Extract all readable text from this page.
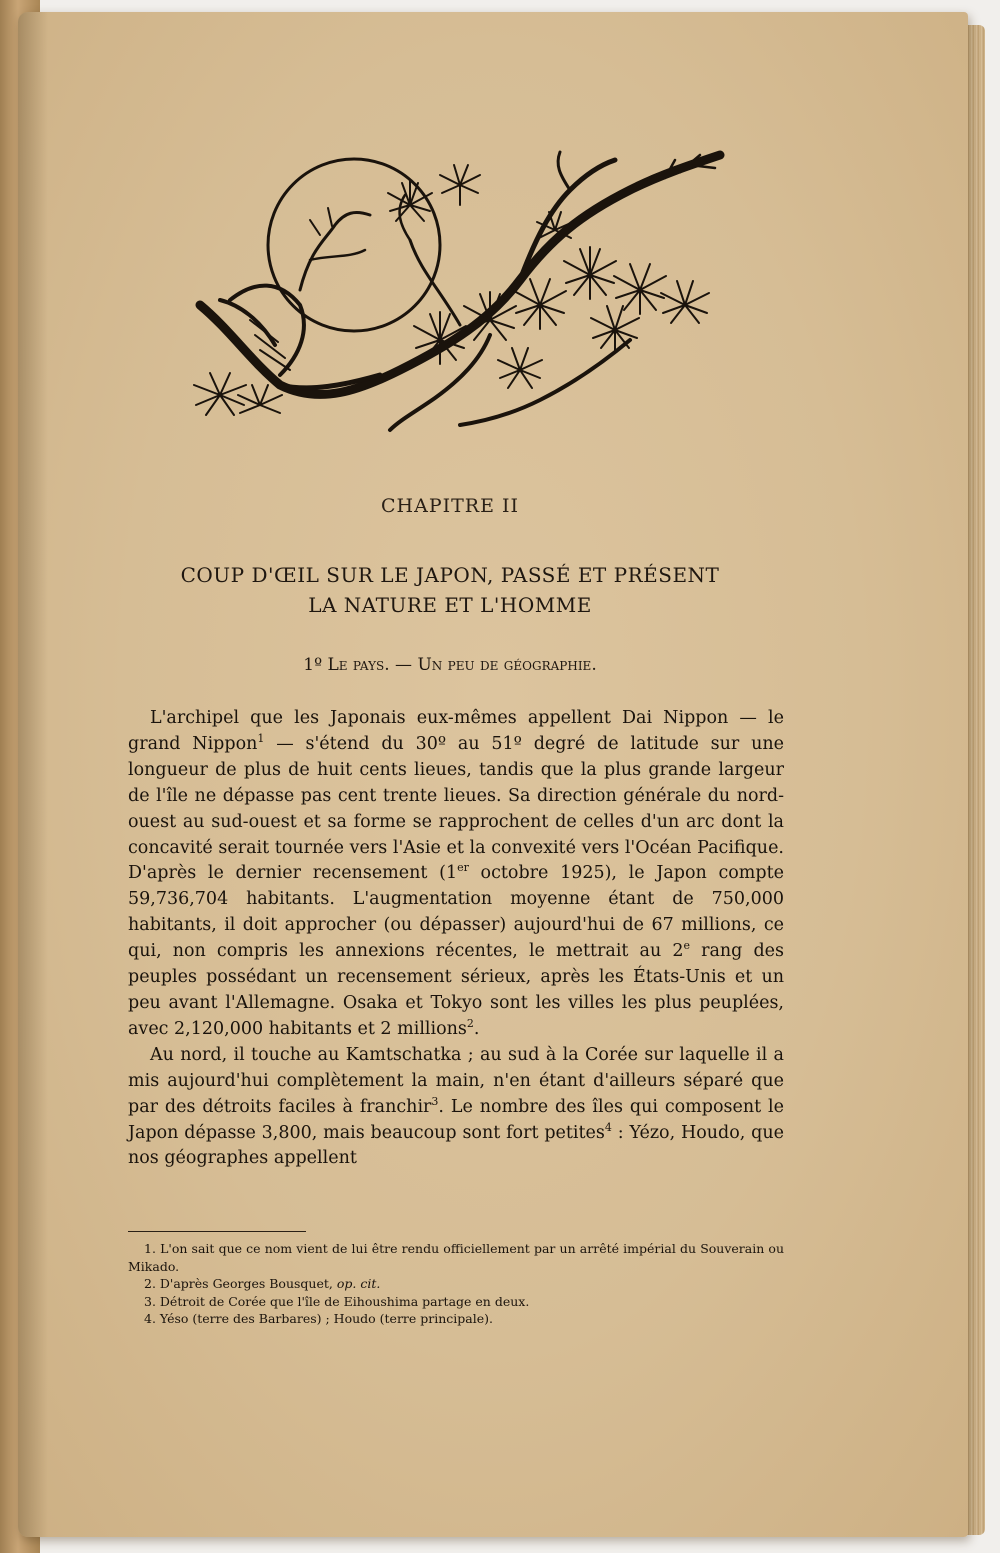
CHAPITRE II
COUP D'ŒIL SUR LE JAPON, PASSÉ ET PRÉSENT
LA NATURE ET L'HOMME
1º Le pays. — Un peu de géographie.

L'archipel que les Japonais eux-mêmes appellent Dai Nippon — le grand Nippon$^1$ — s'étend du 30º au 51º degré de latitude sur une longueur de plus de huit cents lieues, tandis que la plus grande largeur de l'île ne dépasse pas cent trente lieues. Sa direction générale du nord-ouest au sud-ouest et sa forme se rapprochent de celles d'un arc dont la concavité serait tournée vers l'Asie et la convexité vers l'Océan Pacifique. D'après le dernier recensement (1er octobre 1925), le Japon compte 59,736,704 habitants. L'augmentation moyenne étant de 750,000 habitants, il doit approcher (ou dépasser) aujourd'hui de 67 millions, ce qui, non compris les annexions récentes, le mettrait au 2e rang des peuples possédant un recensement sérieux, après les États-Unis et un peu avant l'Allemagne. Osaka et Tokyo sont les villes les plus peuplées, avec 2,120,000 habitants et 2 millions$^2$.

Au nord, il touche au Kamtschatka ; au sud à la Corée sur laquelle il a mis aujourd'hui complètement la main, n'en étant d'ailleurs séparé que par des détroits faciles à franchir$^3$. Le nombre des îles qui composent le Japon dépasse 3,800, mais beaucoup sont fort petites$^4$ : Yézo, Houdo, que nos géographes appellent

1. L'on sait que ce nom vient de lui être rendu officiellement par un arrêté impérial du Souverain ou Mikado.
2. D'après Georges Bousquet, op. cit.
3. Détroit de Corée que l'île de Eihoushima partage en deux.
4. Yéso (terre des Barbares) ; Houdo (terre principale).
